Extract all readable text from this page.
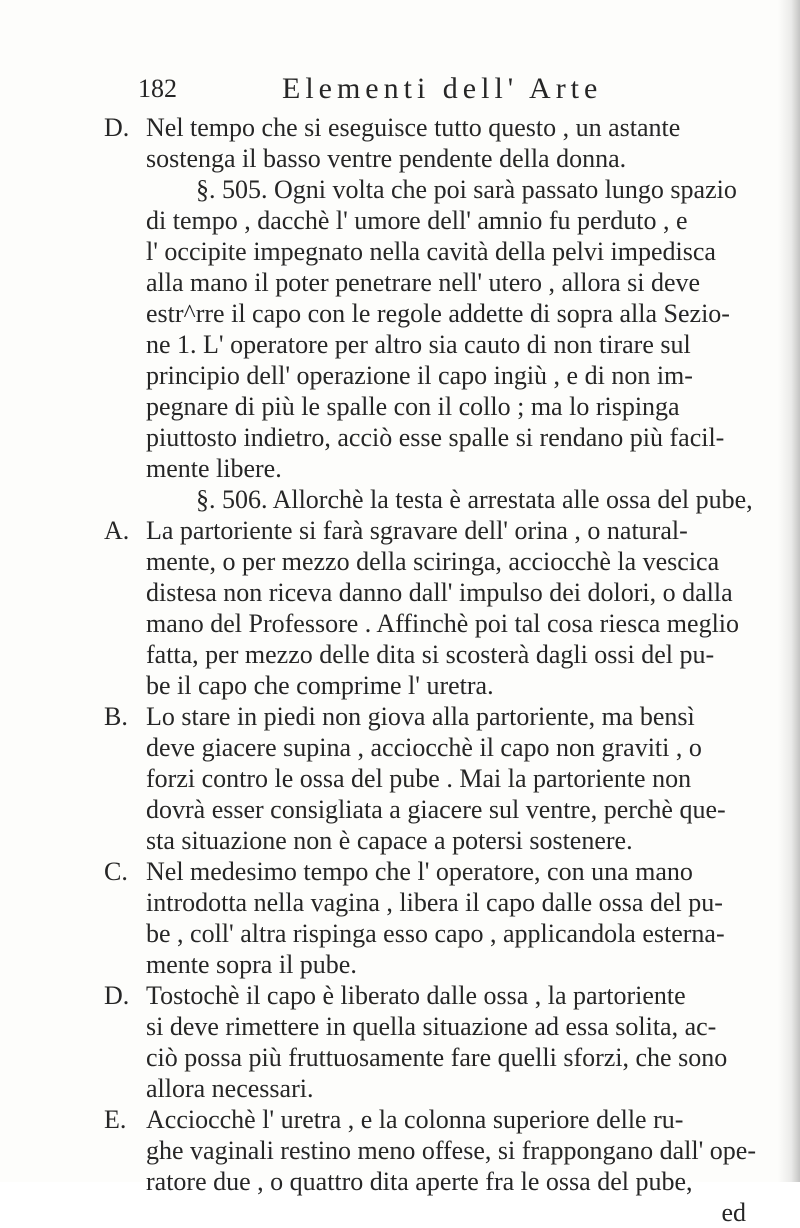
182	Elementi dell' Arte
D. Nel tempo che si eseguisce tutto questo , un astante
sostenga il basso ventre pendente della donna.
§. 505. Ogni volta che poi sarà passato lungo spazio
di tempo , dacchè l' umore dell' amnio fu perduto , e
l' occipite impegnato nella cavità della pelvi impedisca
alla mano il poter penetrare nell' utero , allora si deve
estr^rre il capo con le regole addette di sopra alla Sezio-
ne 1. L' operatore per altro sia cauto di non tirare sul
principio dell' operazione il capo ingiù , e di non im-
pegnare di più le spalle con il collo ; ma lo rispinga
piuttosto indietro, acciò esse spalle si rendano più facil-
mente libere.
§. 506. Allorchè la testa è arrestata alle ossa del pube,
A. La partoriente si farà sgravare dell' orina , o natural-
mente, o per mezzo della sciringa, acciocchè la vescica
distesa non riceva danno dall' impulso dei dolori, o dalla
mano del Professore . Affinchè poi tal cosa riesca meglio
fatta, per mezzo delle dita si scosterà dagli ossi del pu-
be il capo che comprime l' uretra.
B. Lo stare in piedi non giova alla partoriente, ma bensì
deve giacere supina , acciocchè il capo non graviti , o
forzi contro le ossa del pube . Mai la partoriente non
dovrà esser consigliata a giacere sul ventre, perchè que-
sta situazione non è capace a potersi sostenere.
C. Nel medesimo tempo che l' operatore, con una mano
introdotta nella vagina , libera il capo dalle ossa del pu-
be , coll' altra rispinga esso capo , applicandola esterna-
mente sopra il pube.
D. Tostochè il capo è liberato dalle ossa , la partoriente
si deve rimettere in quella situazione ad essa solita, ac-
ciò possa più fruttuosamente fare quelli sforzi, che sono
allora necessari.
E. Acciocchè l' uretra , e la colonna superiore delle ru-
ghe vaginali restino meno offese, si frappongano dall' ope-
ratore due , o quattro dita aperte fra le ossa del pube,
ed
